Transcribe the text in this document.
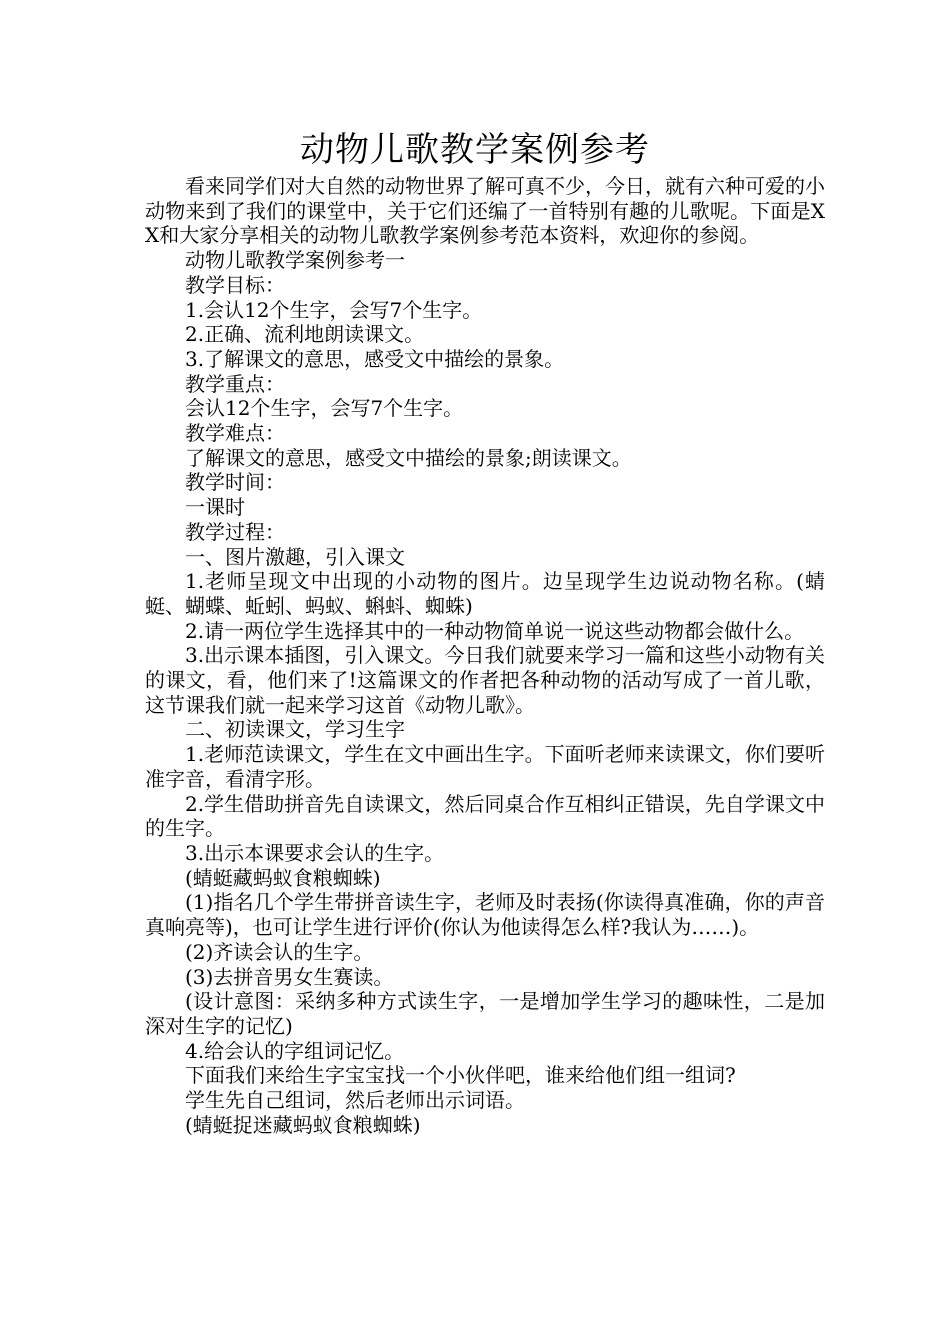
动物儿歌教学案例参考

看来同学们对大自然的动物世界了解可真不少，今日，就有六种可爱的小动物来到了我们的课堂中，关于它们还编了一首特别有趣的儿歌呢。下面是XX和大家分享相关的动物儿歌教学案例参考范本资料，欢迎你的参阅。

动物儿歌教学案例参考一

教学目标：

1.会认12个生字，会写7个生字。

2.正确、流利地朗读课文。

3.了解课文的意思，感受文中描绘的景象。

教学重点：

会认12个生字，会写7个生字。

教学难点：

了解课文的意思，感受文中描绘的景象;朗读课文。

教学时间：

一课时

教学过程：

一、图片激趣，引入课文

1.老师呈现文中出现的小动物的图片。边呈现学生边说动物名称。(蜻蜓、蝴蝶、蚯蚓、蚂蚁、蝌蚪、蜘蛛)

2.请一两位学生选择其中的一种动物简单说一说这些动物都会做什么。

3.出示课本插图，引入课文。今日我们就要来学习一篇和这些小动物有关的课文，看，他们来了!这篇课文的作者把各种动物的活动写成了一首儿歌，这节课我们就一起来学习这首《动物儿歌》。

二、初读课文，学习生字

1.老师范读课文，学生在文中画出生字。下面听老师来读课文，你们要听准字音，看清字形。

2.学生借助拼音先自读课文，然后同桌合作互相纠正错误，先自学课文中的生字。

3.出示本课要求会认的生字。

(蜻蜓藏蚂蚁食粮蜘蛛)

(1)指名几个学生带拼音读生字，老师及时表扬(你读得真准确，你的声音真响亮等)，也可让学生进行评价(你认为他读得怎么样?我认为……)。

(2)齐读会认的生字。

(3)去拼音男女生赛读。

(设计意图：采纳多种方式读生字，一是增加学生学习的趣味性，二是加深对生字的记忆)

4.给会认的字组词记忆。

下面我们来给生字宝宝找一个小伙伴吧，谁来给他们组一组词?

学生先自己组词，然后老师出示词语。

(蜻蜓捉迷藏蚂蚁食粮蜘蛛)
